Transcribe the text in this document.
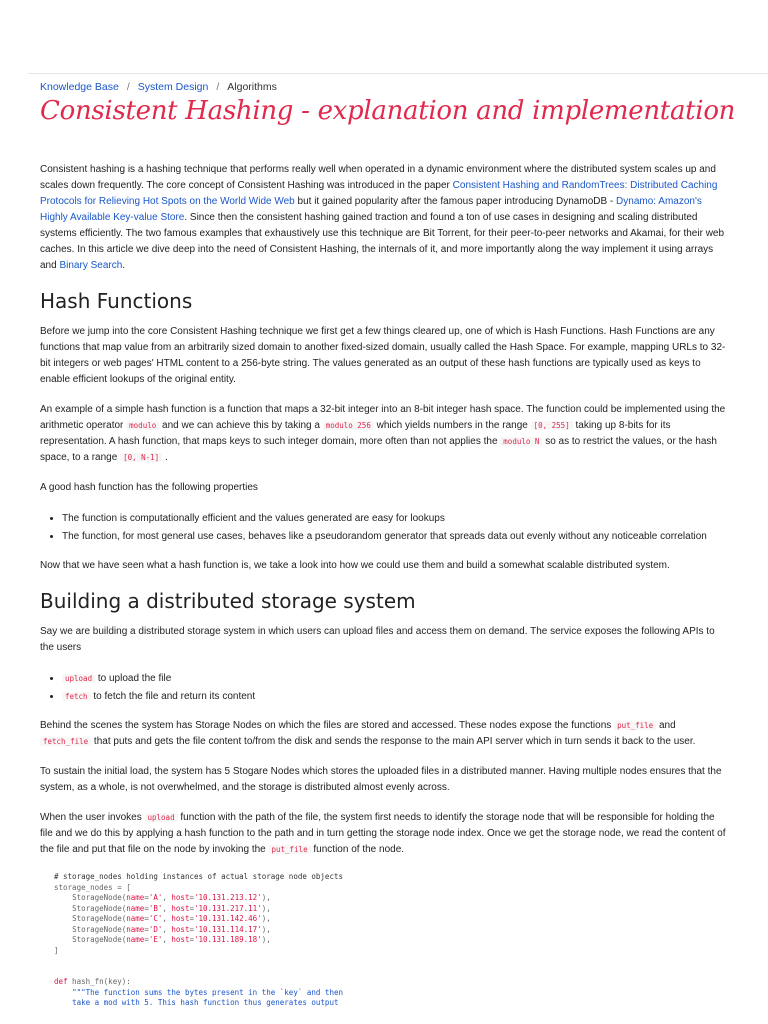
Knowledge Base / System Design / Algorithms
Consistent Hashing - explanation and implementation

Consistent hashing is a hashing technique that performs really well when operated in a dynamic environment where the distributed system scales up and scales down frequently. The core concept of Consistent Hashing was introduced in the paper Consistent Hashing and RandomTrees: Distributed Caching Protocols for Relieving Hot Spots on the World Wide Web but it gained popularity after the famous paper introducing DynamoDB - Dynamo: Amazon's Highly Available Key-value Store. Since then the consistent hashing gained traction and found a ton of use cases in designing and scaling distributed systems efficiently. The two famous examples that exhaustively use this technique are Bit Torrent, for their peer-to-peer networks and Akamai, for their web caches. In this article we dive deep into the need of Consistent Hashing, the internals of it, and more importantly along the way implement it using arrays and Binary Search.

Hash Functions

Before we jump into the core Consistent Hashing technique we first get a few things cleared up, one of which is Hash Functions. Hash Functions are any functions that map value from an arbitrarily sized domain to another fixed-sized domain, usually called the Hash Space. For example, mapping URLs to 32-bit integers or web pages' HTML content to a 256-byte string. The values generated as an output of these hash functions are typically used as keys to enable efficient lookups of the original entity.

An example of a simple hash function is a function that maps a 32-bit integer into an 8-bit integer hash space. The function could be implemented using the arithmetic operator modulo and we can achieve this by taking a modulo 256 which yields numbers in the range [0, 255] taking up 8-bits for its representation. A hash function, that maps keys to such integer domain, more often than not applies the modulo N so as to restrict the values, or the hash space, to a range [0, N-1] .

A good hash function has the following properties

• The function is computationally efficient and the values generated are easy for lookups
• The function, for most general use cases, behaves like a pseudorandom generator that spreads data out evenly without any noticeable correlation

Now that we have seen what a hash function is, we take a look into how we could use them and build a somewhat scalable distributed system.

Building a distributed storage system

Say we are building a distributed storage system in which users can upload files and access them on demand. The service exposes the following APIs to the users

• upload to upload the file
• fetch to fetch the file and return its content

Behind the scenes the system has Storage Nodes on which the files are stored and accessed. These nodes expose the functions put_file and fetch_file that puts and gets the file content to/from the disk and sends the response to the main API server which in turn sends it back to the user.

To sustain the initial load, the system has 5 Stogare Nodes which stores the uploaded files in a distributed manner. Having multiple nodes ensures that the system, as a whole, is not overwhelmed, and the storage is distributed almost evenly across.

When the user invokes upload function with the path of the file, the system first needs to identify the storage node that will be responsible for holding the file and we do this by applying a hash function to the path and in turn getting the storage node index. Once we get the storage node, we read the content of the file and put that file on the node by invoking the put_file function of the node.

# storage_nodes holding instances of actual storage node objects
storage_nodes = [
StorageNode(name='A', host='10.131.213.12'),
StorageNode(name='B', host='10.131.217.11'),
StorageNode(name='C', host='10.131.142.46'),
StorageNode(name='D', host='10.131.114.17'),
StorageNode(name='E', host='10.131.189.18'),
]

def hash_fn(key):
"""The function sums the bytes present in the `key` and then
take a mod with 5. This hash function thus generates output
